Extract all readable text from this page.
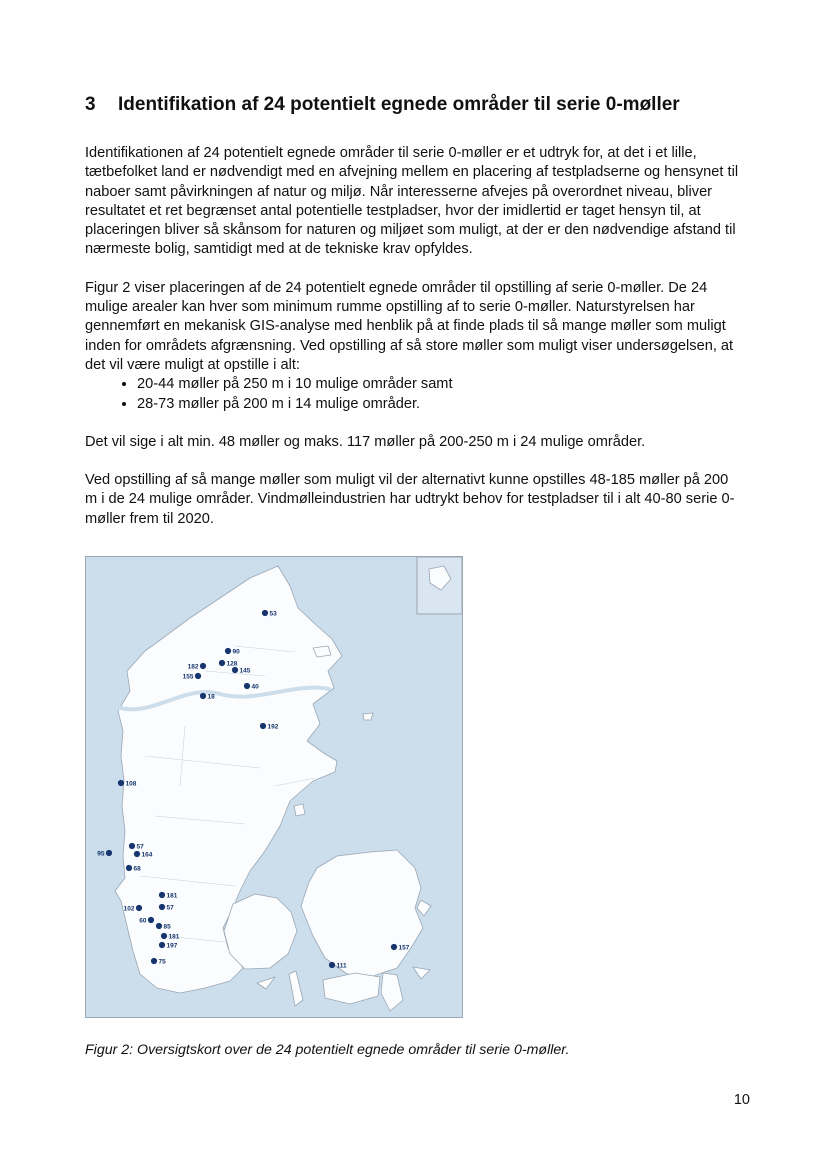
3	Identifikation af 24 potentielt egnede områder til serie 0-møller

Identifikationen af 24 potentielt egnede områder til serie 0-møller er et udtryk for, at det i et lille, tætbefolket land er nødvendigt med en afvejning mellem en placering af testpladserne og hensynet til naboer samt påvirkningen af natur og miljø. Når interesserne afvejes på overordnet niveau, bliver resultatet et ret begrænset antal potentielle testpladser, hvor der imidlertid er taget hensyn til, at placeringen bliver så skånsom for naturen og miljøet som muligt, at der er den nødvendige afstand til nærmeste bolig, samtidigt med at de tekniske krav opfyldes.

Figur 2 viser placeringen af de 24 potentielt egnede områder til opstilling af serie 0-møller. De 24 mulige arealer kan hver som minimum rumme opstilling af to serie 0-møller. Naturstyrelsen har gennemført en mekanisk GIS-analyse med henblik på at finde plads til så mange møller som muligt inden for områdets afgrænsning. Ved opstilling af så store møller som muligt viser undersøgelsen, at det vil være muligt at opstille i alt:

• 20-44 møller på 250 m i 10 mulige områder samt
• 28-73 møller på 200 m i 14 mulige områder.

Det vil sige i alt min. 48 møller og maks. 117 møller på 200-250 m i 24 mulige områder.

Ved opstilling af så mange møller som muligt vil der alternativt kunne opstilles 48-185 møller på 200 m i de 24 mulige områder. Vindmølleindustrien har udtrykt behov for testpladser til i alt 40-80 serie 0-møller frem til 2020.

53
90
128
182
155
145
40
18
192
108
57
164
95
68
181
57
102
60
85
181
197
75
157
111
Figur 2: Oversigtskort over de 24 potentielt egnede områder til serie 0-møller.
10
